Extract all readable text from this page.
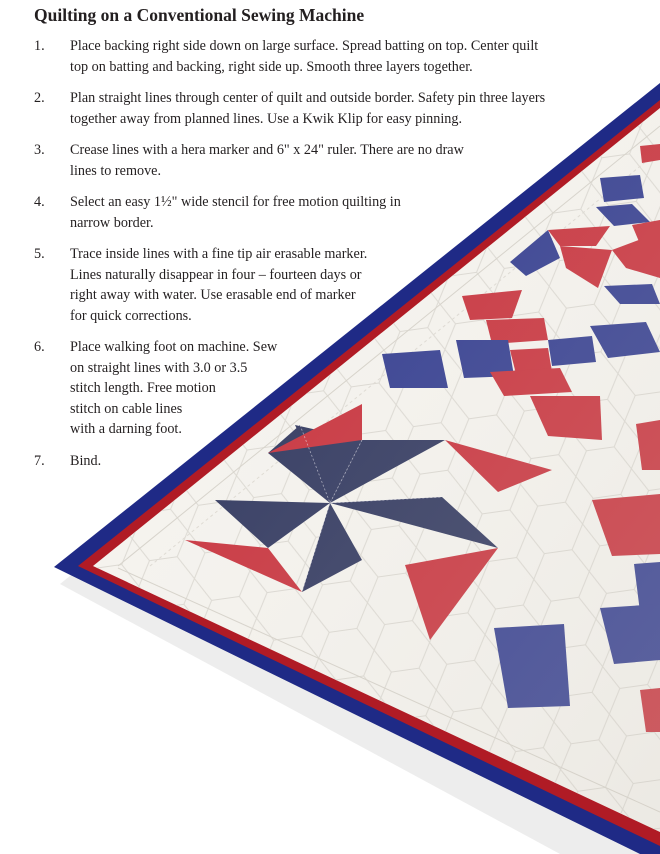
Quilting on a Conventional Sewing Machine
1. Place backing right side down on large surface. Spread batting on top. Center quilt
top on batting and backing, right side up. Smooth three layers together.
2. Plan straight lines through center of quilt and outside border. Safety pin three layers
together away from planned lines. Use a Kwik Klip for easy pinning.
3. Crease lines with a hera marker and 6" x 24" ruler. There are no draw
lines to remove.
4. Select an easy 1½" wide stencil for free motion quilting in
narrow border.
5. Trace inside lines with a fine tip air erasable marker.
Lines naturally disappear in four – fourteen days or
right away with water. Use erasable end of marker
for quick corrections.
6. Place walking foot on machine. Sew
on straight lines with 3.0 or 3.5
stitch length. Free motion
stitch on cable lines
with a darning foot.
7. Bind.
